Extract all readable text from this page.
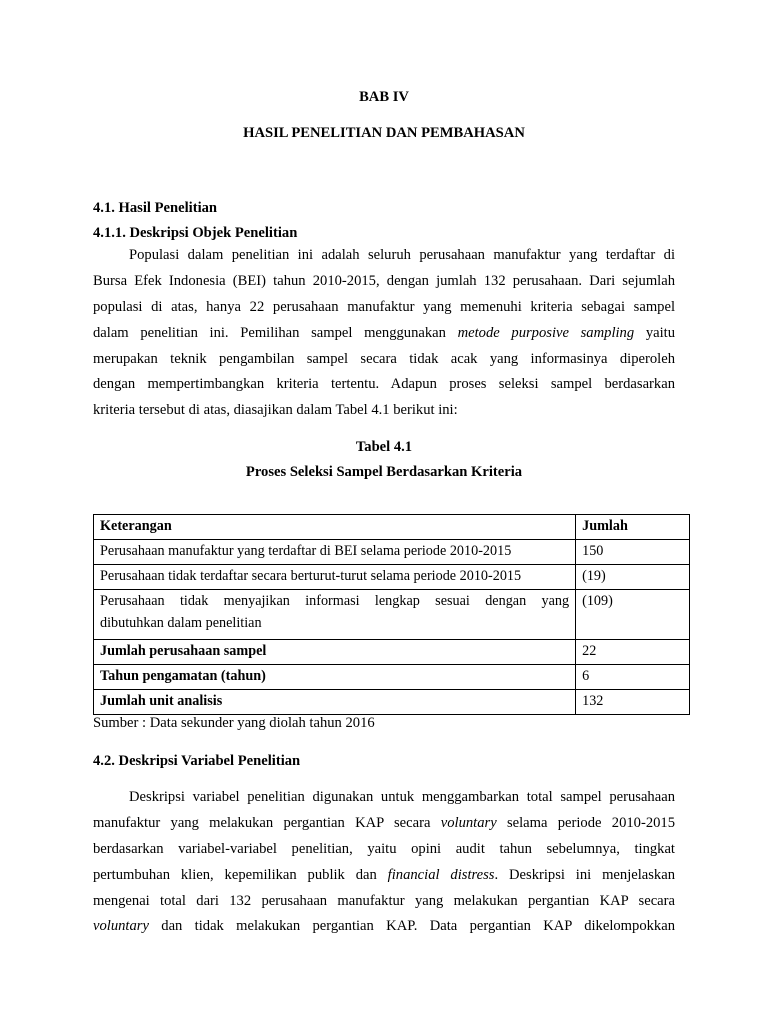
BAB IV

HASIL PENELITIAN DAN PEMBAHASAN

4.1. Hasil Penelitian

4.1.1. Deskripsi Objek Penelitian

Populasi dalam penelitian ini adalah seluruh perusahaan manufaktur yang terdaftar di
Bursa Efek Indonesia (BEI) tahun 2010-2015, dengan jumlah 132 perusahaan. Dari sejumlah
populasi di atas, hanya 22 perusahaan manufaktur yang memenuhi kriteria sebagai sampel
dalam penelitian ini. Pemilihan sampel menggunakan metode purposive sampling yaitu
merupakan teknik pengambilan sampel secara tidak acak yang informasinya diperoleh
dengan mempertimbangkan kriteria tertentu. Adapun proses seleksi sampel berdasarkan
kriteria tersebut di atas, diasajikan dalam Tabel 4.1 berikut ini:

Tabel 4.1

Proses Seleksi Sampel Berdasarkan Kriteria

Keterangan	Jumlah
Perusahaan manufaktur yang terdaftar di BEI selama periode 2010-2015	150
Perusahaan tidak terdaftar secara berturut-turut selama periode 2010-2015	(19)

Perusahaan tidak menyajikan informasi lengkap sesuai dengan yang
dibutuhkan dalam penelitian	(109)
Jumlah perusahaan sampel	22
Tahun pengamatan (tahun)	6
Jumlah unit analisis	132

Sumber : Data sekunder yang diolah tahun 2016

4.2. Deskripsi Variabel Penelitian

Deskripsi variabel penelitian digunakan untuk menggambarkan total sampel perusahaan
manufaktur yang melakukan pergantian KAP secara voluntary selama periode 2010-2015
berdasarkan variabel-variabel penelitian, yaitu opini audit tahun sebelumnya, tingkat
pertumbuhan klien, kepemilikan publik dan financial distress. Deskripsi ini menjelaskan
mengenai total dari 132 perusahaan manufaktur yang melakukan pergantian KAP secara
voluntary dan tidak melakukan pergantian KAP. Data pergantian KAP dikelompokkan
